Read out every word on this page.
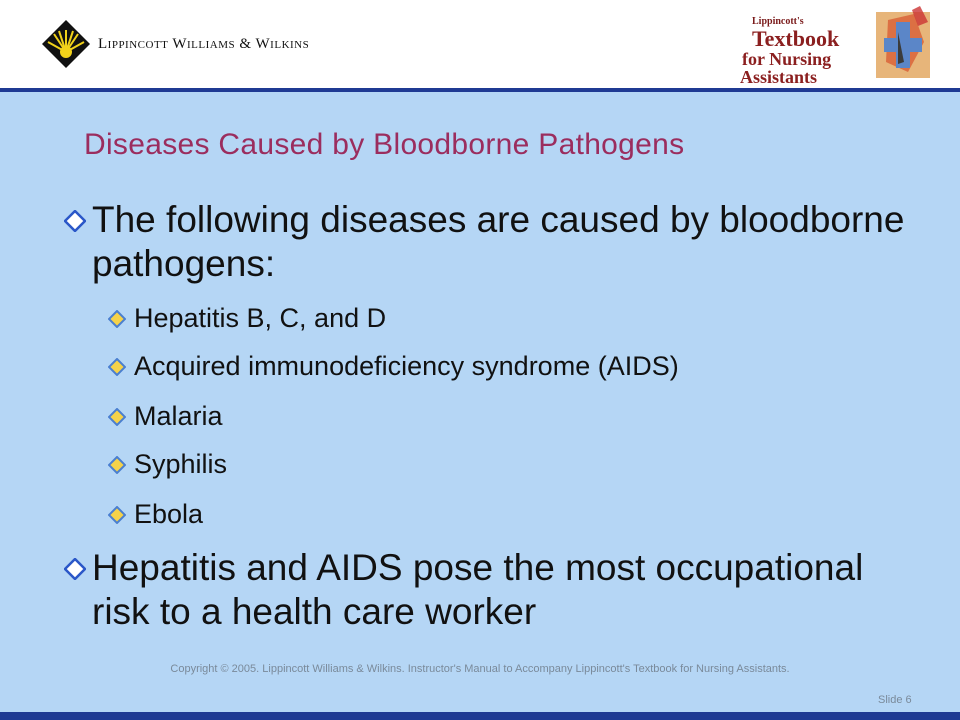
Lippincott Williams & Wilkins
Lippincott's
Textbook
for Nursing
Assistants
Diseases Caused by Bloodborne Pathogens
The following diseases are caused by bloodborne pathogens:
Hepatitis B, C, and D
Acquired immunodeficiency syndrome (AIDS)
Malaria
Syphilis
Ebola
Hepatitis and AIDS pose the most occupational risk to a health care worker
Copyright © 2005. Lippincott Williams & Wilkins. Instructor's Manual to Accompany Lippincott's Textbook for Nursing Assistants.
Slide 6
